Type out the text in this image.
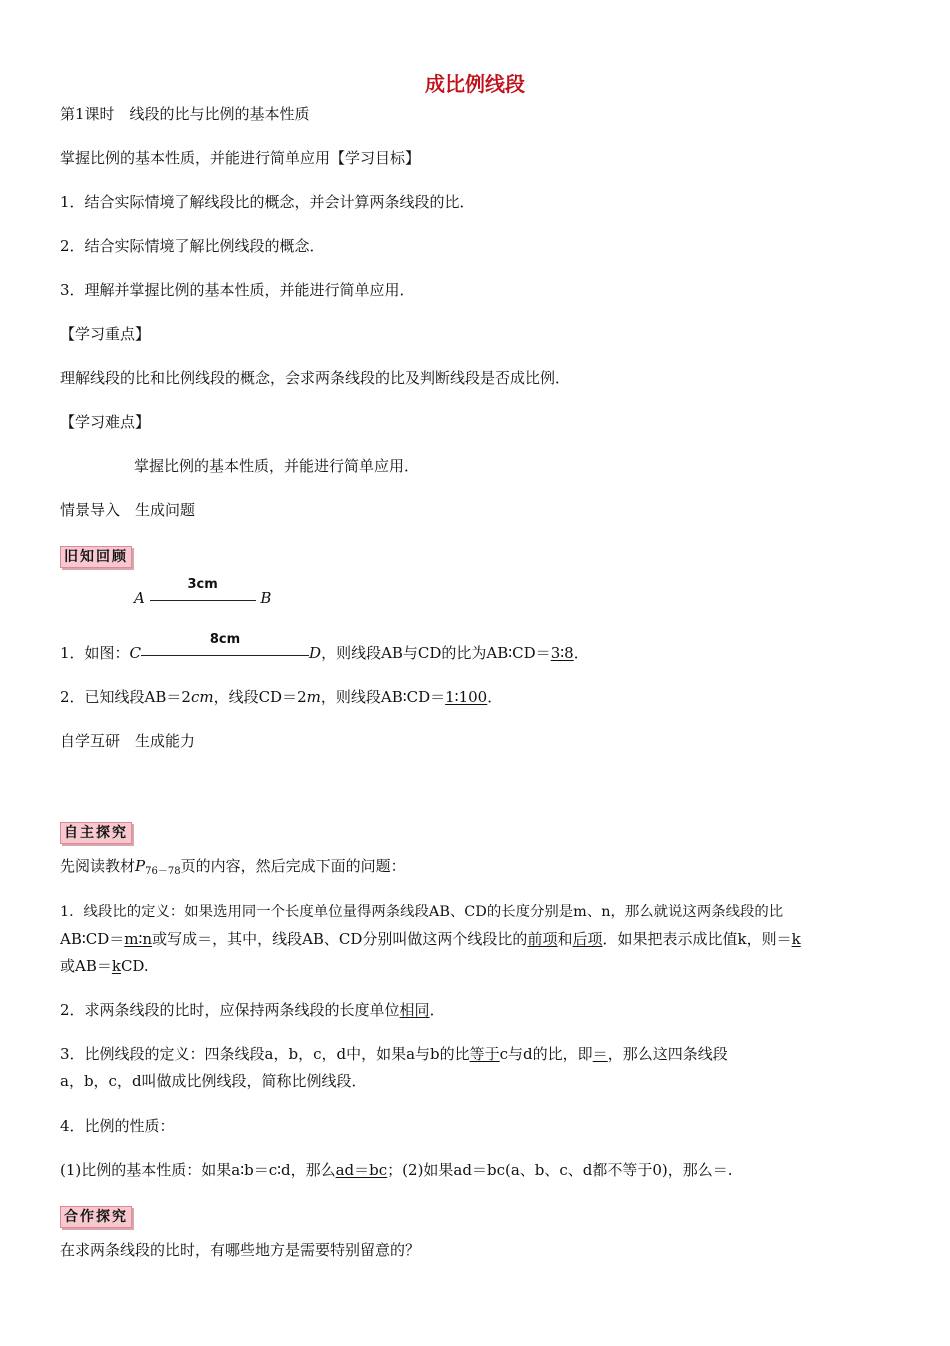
成比例线段
第1课时　线段的比与比例的基本性质
掌握比例的基本性质，并能进行简单应用【学习目标】
1．结合实际情境了解线段比的概念，并会计算两条线段的比．
2．结合实际情境了解比例线段的概念．
3．理解并掌握比例的基本性质，并能进行简单应用．
【学习重点】
理解线段的比和比例线段的概念，会求两条线段的比及判断线段是否成比例．
【学习难点】
掌握比例的基本性质，并能进行简单应用．
情景导入　生成问题
旧知回顾
A
3cm
B
1．如图：C
8cm
D，则线段AB与CD的比为AB∶CD＝3∶8．
2．已知线段AB＝2cm，线段CD＝2m，则线段AB∶CD＝1∶100．
自学互研　生成能力
自主探究
先阅读教材$P_{76-78}$页的内容，然后完成下面的问题：
1．线段比的定义：如果选用同一个长度单位量得两条线段AB、CD的长度分别是m、n，那么就说这两条线段的比
AB∶CD＝m∶n或写成＝，其中，线段AB、CD分别叫做这两个线段比的前项和后项．如果把表示成比值k，则＝k
或AB＝kCD.
2．求两条线段的比时，应保持两条线段的长度单位相同．
3．比例线段的定义：四条线段a，b，c，d中，如果a与b的比等于c与d的比，即＝，那么这四条线段
a，b，c，d叫做成比例线段，简称比例线段．
4．比例的性质：
(1)比例的基本性质：如果a∶b＝c∶d，那么ad＝bc；(2)如果ad＝bc(a、b、c、d都不等于0)，那么＝.
合作探究
在求两条线段的比时，有哪些地方是需要特别留意的？
